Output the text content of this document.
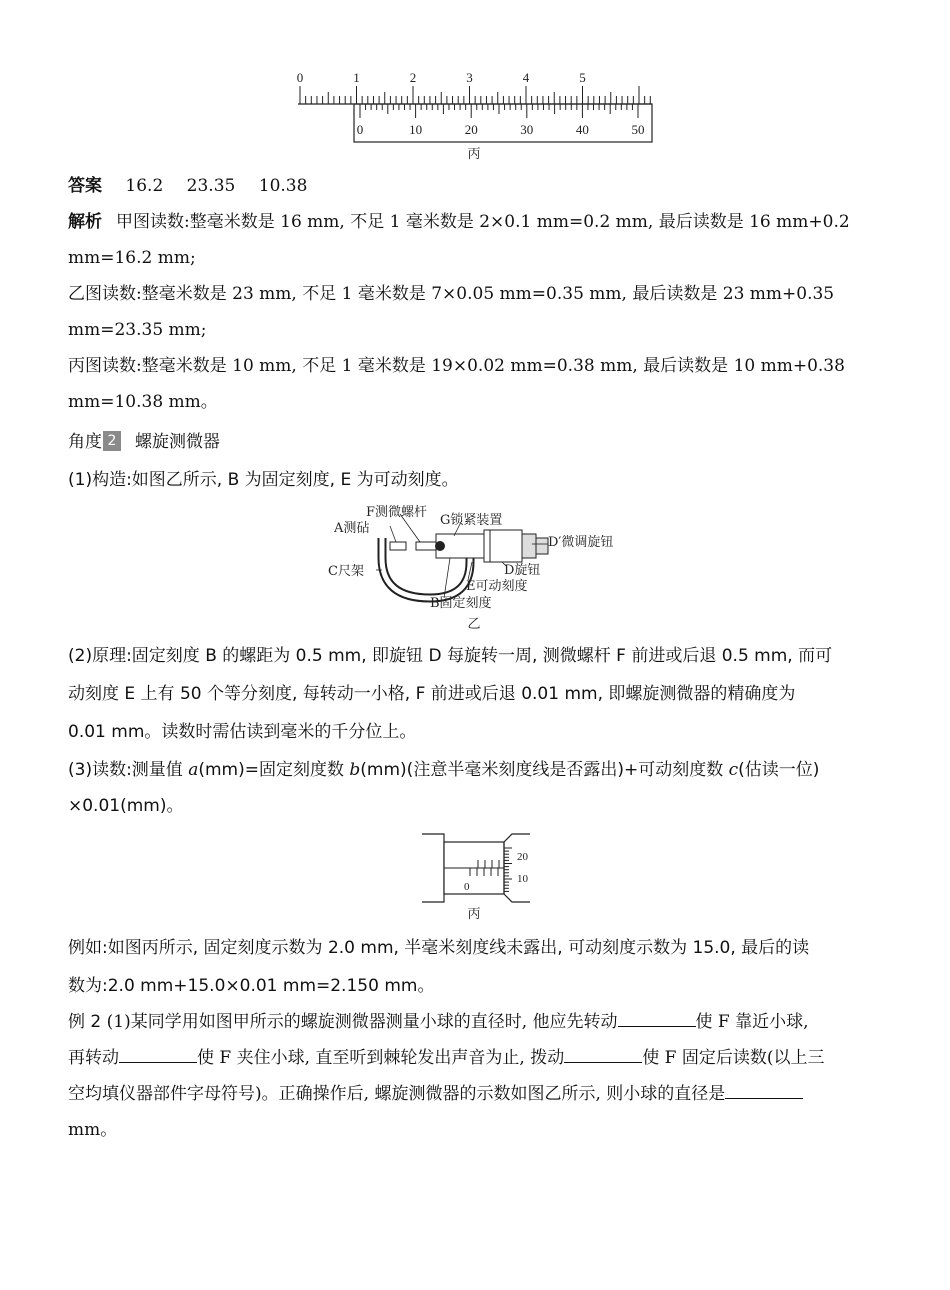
0	1	2	3	4	5
0	10	20	30	40	50
丙
答案 16.2 23.35 10.38
解析 甲图读数:整毫米数是 16 mm, 不足 1 毫米数是 2×0.1 mm=0.2 mm, 最后读数是 16 mm+0.2
mm=16.2 mm;
乙图读数:整毫米数是 23 mm, 不足 1 毫米数是 7×0.05 mm=0.35 mm, 最后读数是 23 mm+0.35
mm=23.35 mm;
丙图读数:整毫米数是 10 mm, 不足 1 毫米数是 19×0.02 mm=0.38 mm, 最后读数是 10 mm+0.38
mm=10.38 mm。
角度 2 螺旋测微器
(1)构造:如图乙所示, B 为固定刻度, E 为可动刻度。
F测微螺杆
G锁紧装置
A测砧
D′微调旋钮
C尺架	D旋钮
E可动刻度
B固定刻度
乙
(2)原理:固定刻度 B 的螺距为 0.5 mm, 即旋钮 D 每旋转一周, 测微螺杆 F 前进或后退 0.5 mm, 而可
动刻度 E 上有 50 个等分刻度, 每转动一小格, F 前进或后退 0.01 mm, 即螺旋测微器的精确度为
0.01 mm。读数时需估读到毫米的千分位上。
(3)读数:测量值 a(mm)=固定刻度数 b(mm)(注意半毫米刻度线是否露出)+可动刻度数 c(估读一位)
×0.01(mm)。
20
10
0
丙
例如:如图丙所示, 固定刻度示数为 2.0 mm, 半毫米刻度线未露出, 可动刻度示数为 15.0, 最后的读
数为:2.0 mm+15.0×0.01 mm=2.150 mm。
例 2 (1)某同学用如图甲所示的螺旋测微器测量小球的直径时, 他应先转动	使 F 靠近小球,
再转动	使 F 夹住小球, 直至听到棘轮发出声音为止, 拨动	使 F 固定后读数(以上三
空均填仪器部件字母符号)。正确操作后, 螺旋测微器的示数如图乙所示, 则小球的直径是
mm。
